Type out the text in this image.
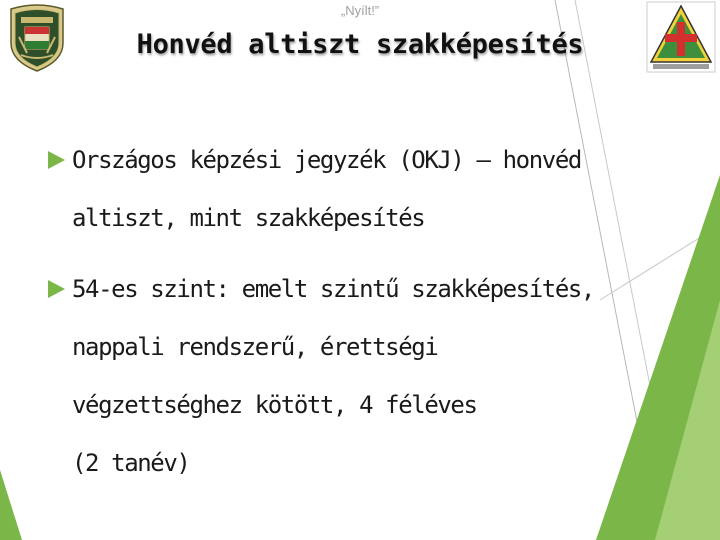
„Nyílt!”
Honvéd altiszt szakképesítés
Országos képzési jegyzék (OKJ) – honvéd
altiszt, mint szakképesítés
54-es szint: emelt szintű szakképesítés,
nappali rendszerű, érettségi
végzettséghez kötött, 4 féléves
(2 tanév)
